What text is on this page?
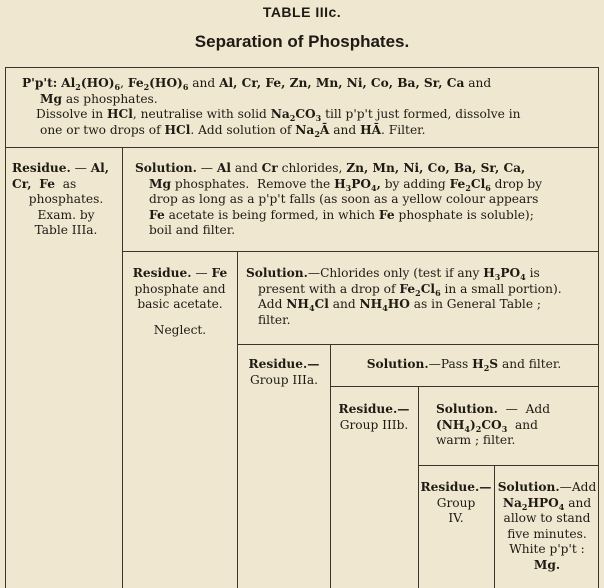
TABLE IIIc.
Separation of Phosphates.
P'p't: $Al_2(HO)_6$, $Fe_2(HO)_6$ and Al, Cr, Fe, Zn, Mn, Ni, Co, Ba, Sr, Ca and
Mg as phosphates.
Dissolve in HCl, neutralise with solid $Na_2CO_3$ till p'p't just formed, dissolve in
one or two drops of HCl. Add solution of $Na_2Ā$ and HĀ. Filter.
Residue. — Al,
Cr, Fe  as
phosphates.
Exam. by
Table IIIa.
Solution. — Al and Cr chlorides, Zn, Mn, Ni, Co, Ba, Sr, Ca,
Mg phosphates.  Remove the $H_3PO_4$, by adding $Fe_2Cl_6$ drop by
drop as long as a p'p't falls (as soon as a yellow colour appears
Fe acetate is being formed, in which Fe phosphate is soluble);
boil and filter.
Residue. — Fe
phosphate and
basic acetate.
Neglect.
Solution.—Chlorides only (test if any $H_3PO_4$ is
present with a drop of $Fe_2Cl_6$ in a small portion).
Add $NH_4Cl$ and $NH_4HO$ as in General Table ;
filter.
Residue.—
Group IIIa.
Solution.—Pass $H_2S$ and filter.
Residue.—
Group IIIb.
Solution.  —  Add
$(NH_4)_2CO_3$  and
warm ; filter.
Residue.—
Group
IV.
Solution.—Add
$Na_2HPO_4$ and
allow to stand
five minutes.
White p'p't :
Mg.
